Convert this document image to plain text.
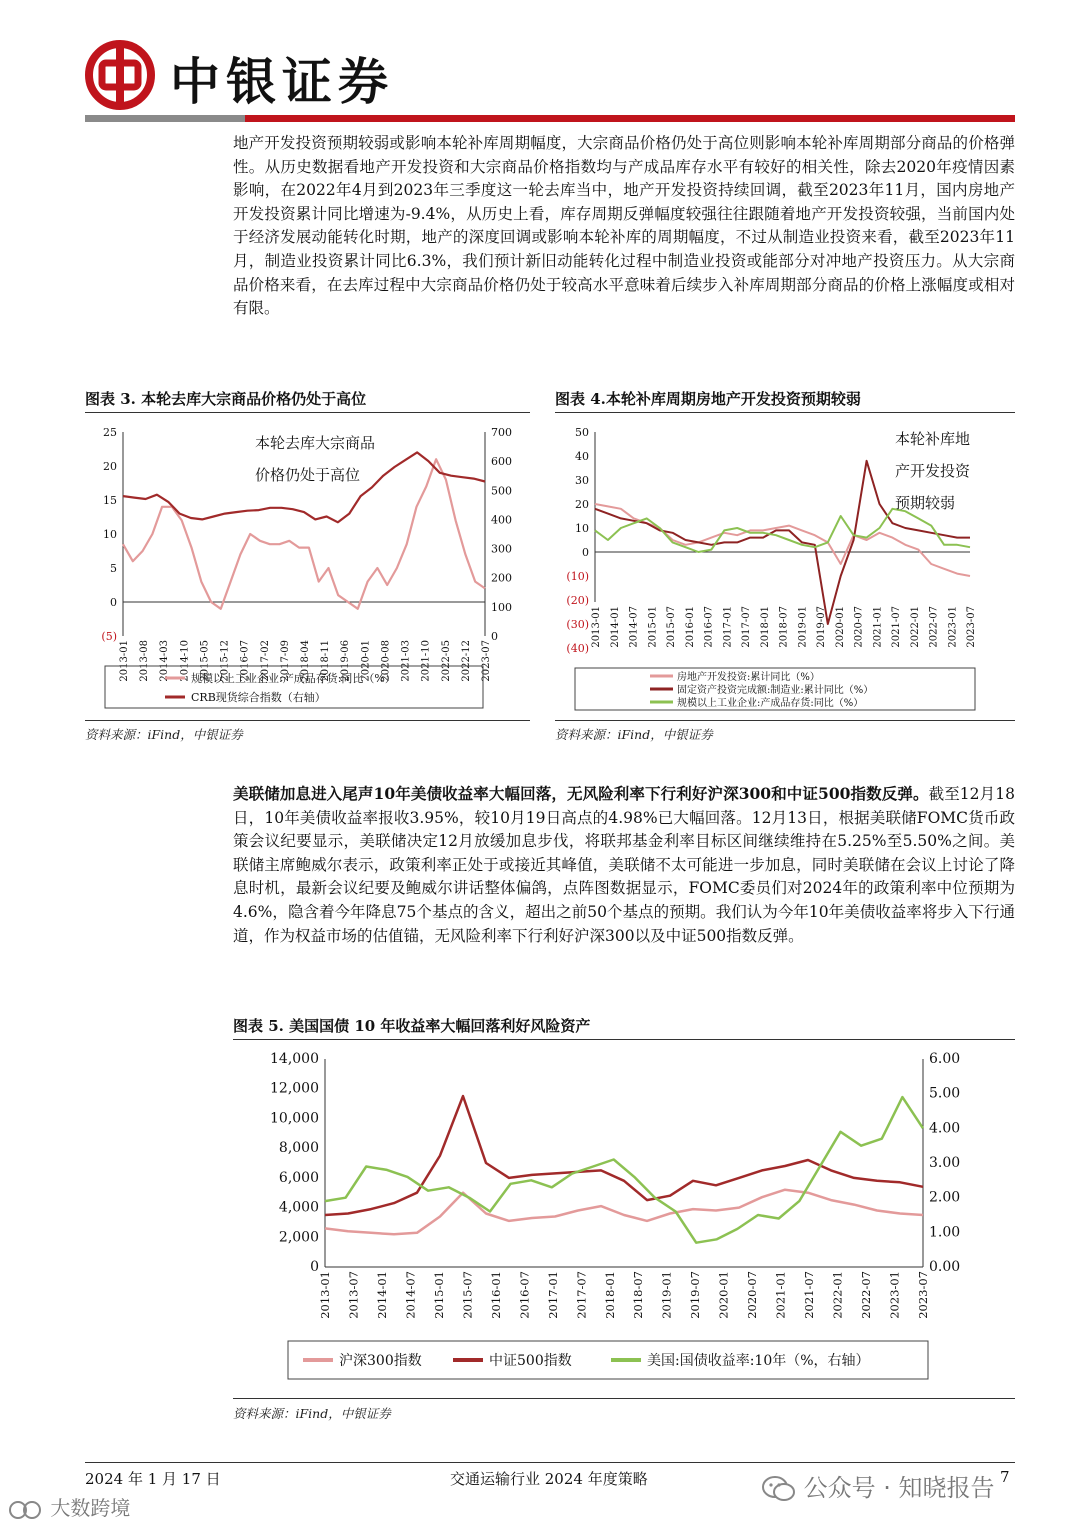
中银证券

地产开发投资预期较弱或影响本轮补库周期幅度，大宗商品价格仍处于高位则影响本轮补库周期部分商品的价格弹性。从历史数据看地产开发投资和大宗商品价格指数均与产成品库存水平有较好的相关性，除去2020年疫情因素影响，在2022年4月到2023年三季度这一轮去库当中，地产开发投资持续回调，截至2023年11月，国内房地产开发投资累计同比增速为-9.4%，从历史上看，库存周期反弹幅度较强往往跟随着地产开发投资较强，当前国内处于经济发展动能转化时期，地产的深度回调或影响本轮补库的周期幅度，不过从制造业投资来看，截至2023年11月，制造业投资累计同比6.3%，我们预计新旧动能转化过程中制造业投资或能部分对冲地产投资压力。从大宗商品价格来看，在去库过程中大宗商品价格仍处于较高水平意味着后续步入补库周期部分商品的价格上涨幅度或相对有限。

图表 3. 本轮去库大宗商品价格仍处于高位
(5)
0
5
10
15
20
25
0
100
200
300
400
500
600
700
2013-01 2013-08 2014-03 2014-10 2015-05 2015-12 2016-07 2017-02 2017-09 2018-04 2018-11 2019-06 2020-01 2020-08 2021-03 2021-10 2022-05 2022-12 2023-07
本轮去库大宗商品
价格仍处于高位
规模以上工业企业:产成品存货:同比（%）
CRB现货综合指数（右轴）
资料来源：iFind，中银证券
图表 4.本轮补库周期房地产开发投资预期较弱
50
40
30
20
10
0
(10)
(20)
(30)
(40)
2013-01 2014-01 2014-07 2015-01 2015-07 2016-01 2016-07 2017-01 2017-07 2018-01 2018-07 2019-01 2019-07 2020-01 2020-07 2021-01 2021-07 2022-01 2022-07 2023-01 2023-07
本轮补库地
产开发投资
预期较弱
房地产开发投资:累计同比（%）
固定资产投资完成额:制造业:累计同比（%）
规模以上工业企业:产成品存货:同比（%）
资料来源：iFind，中银证券

美联储加息进入尾声10年美债收益率大幅回落，无风险利率下行利好沪深300和中证500指数反弹。截至12月18日，10年美债收益率报收3.95%，较10月19日高点的4.98%已大幅回落。12月13日，根据美联储FOMC货币政策会议纪要显示，美联储决定12月放缓加息步伐，将联邦基金利率目标区间继续维持在5.25%至5.50%之间。美联储主席鲍威尔表示，政策利率正处于或接近其峰值，美联储不太可能进一步加息，同时美联储在会议上讨论了降息时机，最新会议纪要及鲍威尔讲话整体偏鸽，点阵图数据显示，FOMC委员们对2024年的政策利率中位预期为4.6%，隐含着今年降息75个基点的含义，超出之前50个基点的预期。我们认为今年10年美债收益率将步入下行通道，作为权益市场的估值锚，无风险利率下行利好沪深300以及中证500指数反弹。

图表 5. 美国国债 10 年收益率大幅回落利好风险资产
0
2,000
4,000
6,000
8,000
10,000
12,000
14,000
0.00
1.00
2.00
3.00
4.00
5.00
6.00
2013-01 2013-07 2014-01 2014-07 2015-01 2015-07 2016-01 2016-07 2017-01 2017-07 2018-01 2018-07 2019-01 2019-07 2020-01 2020-07 2021-01 2021-07 2022-01 2022-07 2023-01 2023-07
沪深300指数	中证500指数	美国:国债收益率:10年（%，右轴）
资料来源：iFind，中银证券
2024 年 1 月 17 日	交通运输行业 2024 年度策略	7
公众号 · 知晓报告
大数跨境
